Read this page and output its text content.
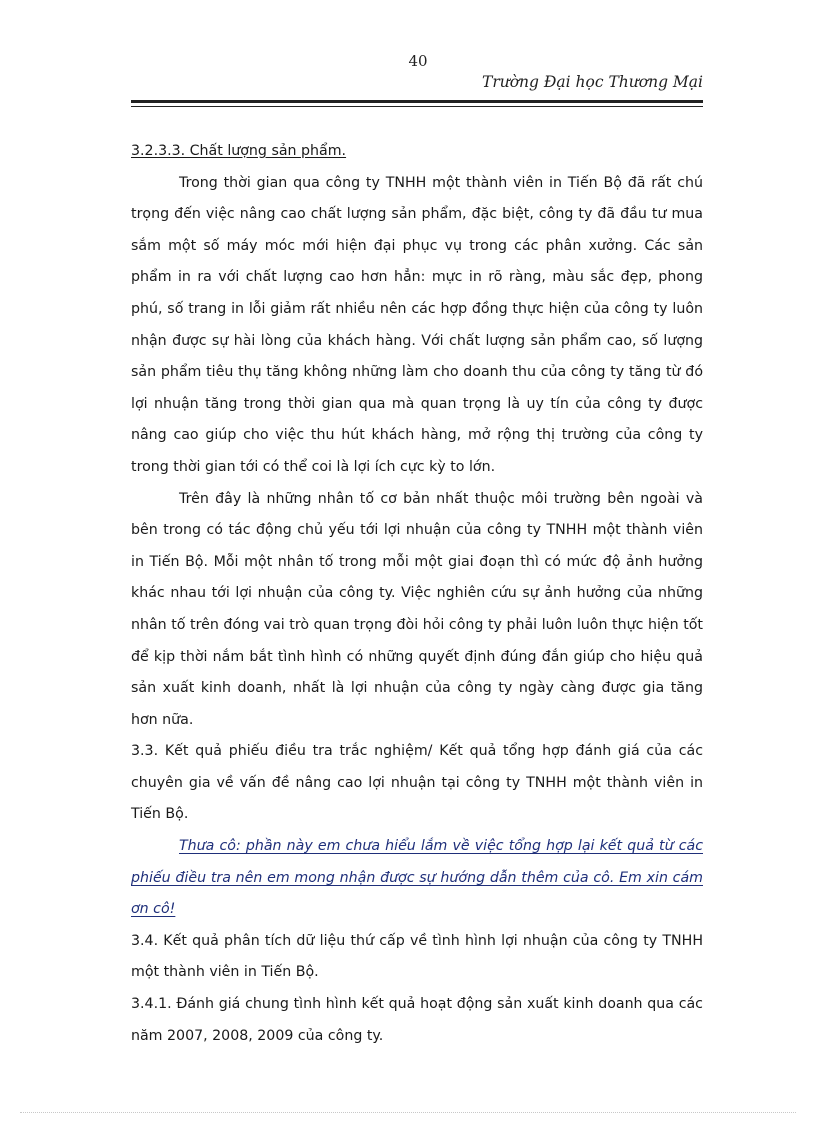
40
Trường Đại học Thương Mại

3.2.3.3. Chất lượng sản phẩm.

Trong thời gian qua công ty TNHH một thành viên in Tiến Bộ đã rất chú trọng đến việc nâng cao chất lượng sản phẩm, đặc biệt, công ty đã đầu tư mua sắm một số máy móc mới hiện đại phục vụ trong các phân xưởng. Các sản phẩm in ra với chất lượng cao hơn hẳn: mực in rõ ràng, màu sắc đẹp, phong phú, số trang in lỗi giảm rất nhiều nên các hợp đồng thực hiện của công ty luôn nhận được sự hài lòng của khách hàng. Với chất lượng sản phẩm cao, số lượng sản phẩm tiêu thụ tăng không những làm cho doanh thu của công ty tăng từ đó lợi nhuận tăng trong thời gian qua mà quan trọng là uy tín của công ty được nâng cao giúp cho việc thu hút khách hàng, mở rộng thị trường của công ty trong thời gian tới có thể coi là lợi ích cực kỳ to lớn.

Trên đây là những nhân tố cơ bản nhất thuộc môi trường bên ngoài và bên trong có tác động chủ yếu tới lợi nhuận của công ty TNHH một thành viên in Tiến Bộ. Mỗi một nhân tố trong mỗi một giai đoạn thì có mức độ ảnh hưởng khác nhau tới lợi nhuận của công ty. Việc nghiên cứu sự ảnh hưởng của những nhân tố trên đóng vai trò quan trọng đòi hỏi công ty phải luôn luôn thực hiện tốt để kịp thời nắm bắt tình hình có những quyết định đúng đắn giúp cho hiệu quả sản xuất kinh doanh, nhất là lợi nhuận của công ty ngày càng được gia tăng hơn nữa.

3.3. Kết quả phiếu điều tra trắc nghiệm/ Kết quả tổng hợp đánh giá của các chuyên gia về vấn đề nâng cao lợi nhuận tại công ty TNHH một thành viên in Tiến Bộ.

Thưa cô: phần này em chưa hiểu lắm về việc tổng hợp lại kết quả từ các phiếu điều tra nên em mong nhận được sự hướng dẫn thêm của cô. Em xin cám ơn cô!

3.4. Kết quả phân tích dữ liệu thứ cấp về tình hình lợi nhuận của công ty TNHH một thành viên in Tiến Bộ.

3.4.1. Đánh giá chung tình hình kết quả hoạt động sản xuất kinh doanh qua các năm 2007, 2008, 2009 của công ty.
